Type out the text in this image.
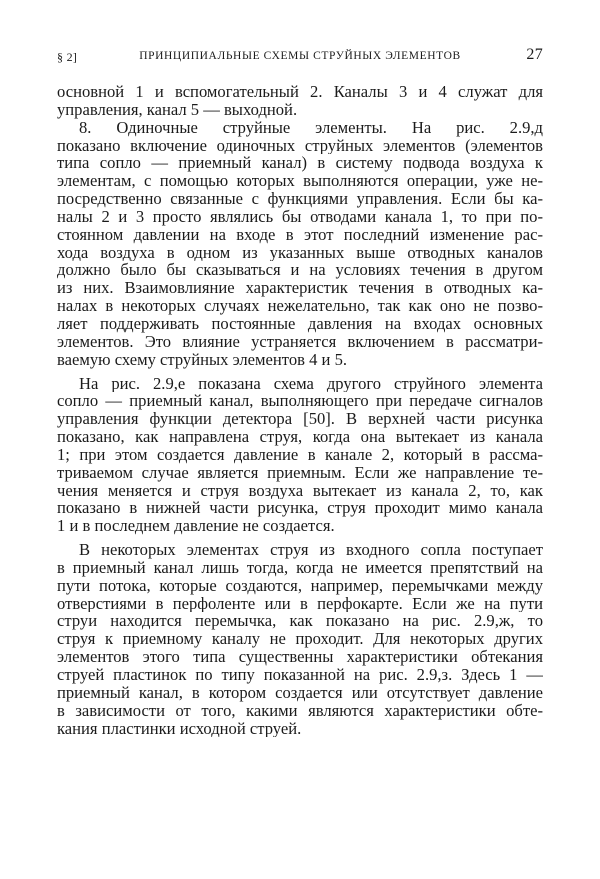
§ 2]	ПРИНЦИПИАЛЬНЫЕ СХЕМЫ СТРУЙНЫХ ЭЛЕМЕНТОВ	27
основной 1 и вспомогательный 2. Каналы 3 и 4 служат для
управления, канал 5 — выходной.
8. Одиночные струйные элементы. На рис. 2.9,д
показано включение одиночных струйных элементов (элементов
типа сопло — приемный канал) в систему подвода воздуха к
элементам, с помощью которых выполняются операции, уже не-
посредственно связанные с функциями управления. Если бы ка-
налы 2 и 3 просто являлись бы отводами канала 1, то при по-
стоянном давлении на входе в этот последний изменение рас-
хода воздуха в одном из указанных выше отводных каналов
должно было бы сказываться и на условиях течения в другом
из них. Взаимовлияние характеристик течения в отводных ка-
налах в некоторых случаях нежелательно, так как оно не позво-
ляет поддерживать постоянные давления на входах основных
элементов. Это влияние устраняется включением в рассматри-
ваемую схему струйных элементов 4 и 5.
На рис. 2.9,е показана схема другого струйного элемента
сопло — приемный канал, выполняющего при передаче сигналов
управления функции детектора [50]. В верхней части рисунка
показано, как направлена струя, когда она вытекает из канала
1; при этом создается давление в канале 2, который в рассма-
триваемом случае является приемным. Если же направление те-
чения меняется и струя воздуха вытекает из канала 2, то, как
показано в нижней части рисунка, струя проходит мимо канала
1 и в последнем давление не создается.
В некоторых элементах струя из входного сопла поступает
в приемный канал лишь тогда, когда не имеется препятствий на
пути потока, которые создаются, например, перемычками между
отверстиями в перфоленте или в перфокарте. Если же на пути
струи находится перемычка, как показано на рис. 2.9,ж, то
струя к приемному каналу не проходит. Для некоторых других
элементов этого типа существенны характеристики обтекания
струей пластинок по типу показанной на рис. 2.9,з. Здесь 1 —
приемный канал, в котором создается или отсутствует давление
в зависимости от того, какими являются характеристики обте-
кания пластинки исходной струей.
